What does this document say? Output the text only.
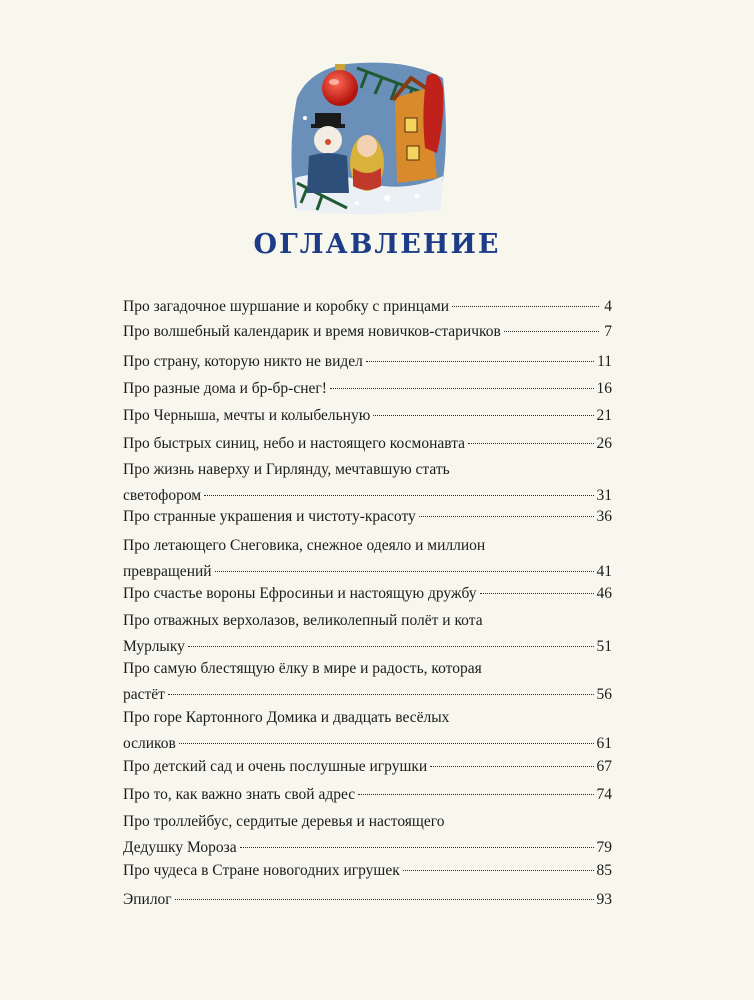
ОГЛАВЛЕНИЕ
Про загадочное шуршание и коробку с принцами	4
Про волшебный календарик и время новичков-старичков	7
Про страну, которую никто не видел	11
Про разные дома и бр-бр-снег!	16
Про Черныша, мечты и колыбельную	21
Про быстрых синиц, небо и настоящего космонавта	26
Про жизнь наверху и Гирлянду, мечтавшую стать
светофором	31
Про странные украшения и чистоту-красоту	36
Про летающего Снеговика, снежное одеяло и миллион
превращений	41
Про счастье вороны Ефросиньи и настоящую дружбу	46
Про отважных верхолазов, великолепный полёт и кота
Мурлыку	51
Про самую блестящую ёлку в мире и радость, которая
растёт	56
Про горе Картонного Домика и двадцать весёлых
осликов	61
Про детский сад и очень послушные игрушки	67
Про то, как важно знать свой адрес	74
Про троллейбус, сердитые деревья и настоящего
Дедушку Мороза	79
Про чудеса в Стране новогодних игрушек	85
Эпилог	93
